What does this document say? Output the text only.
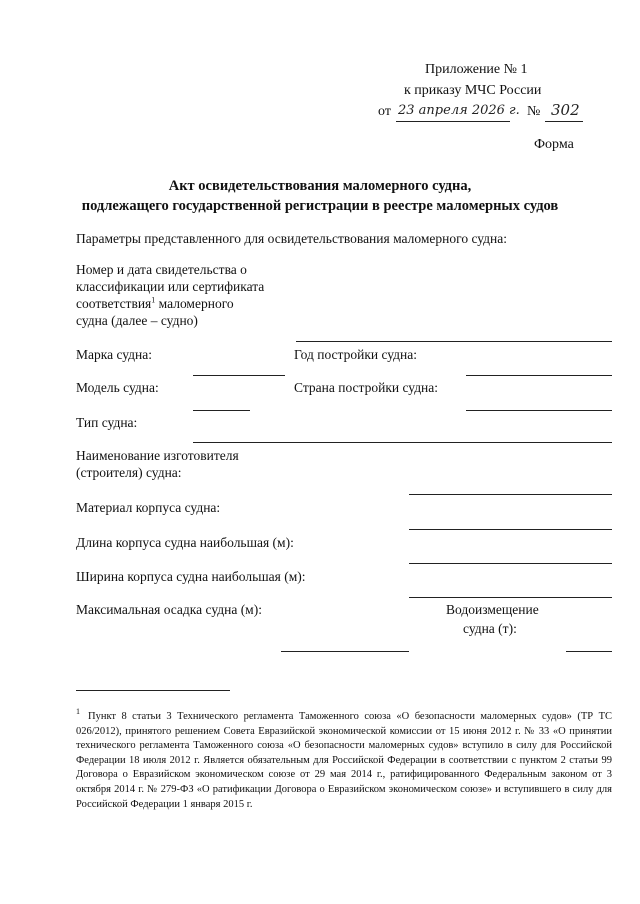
Приложение № 1
к приказу МЧС России
от 23 апреля 2026 г. № 302
Форма
Акт освидетельствования маломерного судна,
подлежащего государственной регистрации в реестре маломерных судов
Параметры представленного для освидетельствования маломерного судна:
Номер и дата свидетельства о
классификации или сертификата
соответствия$^1$ маломерного
судна (далее – судно)
Марка судна:	Год постройки судна:
Модель судна:	Страна постройки судна:
Тип судна:
Наименование изготовителя
(строителя) судна:
Материал корпуса судна:
Длина корпуса судна наибольшая (м):
Ширина корпуса судна наибольшая (м):
Максимальная осадка судна (м):	Водоизмещение
судна (т):
1 Пункт 8 статьи 3 Технического регламента Таможенного союза «О безопасности маломерных судов» (ТР ТС 026/2012), принятого решением Совета Евразийской экономической комиссии от 15 июня 2012 г. № 33 «О принятии технического регламента Таможенного союза «О безопасности маломерных судов» вступило в силу для Российской Федерации 18 июля 2012 г. Является обязательным для Российской Федерации в соответствии с пунктом 2 статьи 99 Договора о Евразийском экономическом союзе от 29 мая 2014 г., ратифицированного Федеральным законом от 3 октября 2014 г. № 279-ФЗ «О ратификации Договора о Евразийском экономическом союзе» и вступившего в силу для Российской Федерации 1 января 2015 г.
